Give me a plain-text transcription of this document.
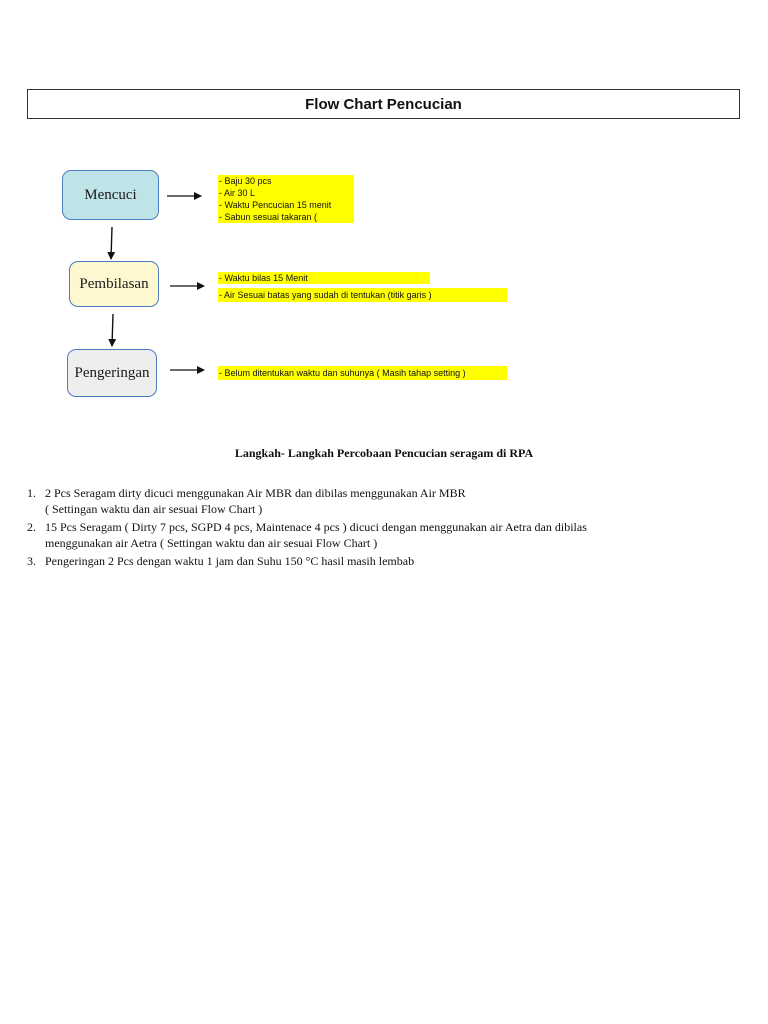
Flow Chart Pencucian
Mencuci
Pembilasan
Pengeringan
- Baju 30 pcs
- Air 30 L
- Waktu Pencucian 15 menit
- Sabun sesuai takaran (
- Waktu bilas 15 Menit
- Air Sesuai batas yang sudah di tentukan (titik garis )
- Belum ditentukan waktu dan suhunya ( Masih tahap setting )
Langkah- Langkah Percobaan Pencucian seragam di RPA
1. 2 Pcs Seragam dirty dicuci menggunakan Air MBR dan dibilas menggunakan Air MBR
( Settingan waktu dan air sesuai Flow Chart )
2. 15 Pcs Seragam ( Dirty 7 pcs, SGPD 4 pcs, Maintenace 4 pcs ) dicuci dengan menggunakan air Aetra dan dibilas
menggunakan air Aetra ( Settingan waktu dan air sesuai Flow Chart )
3. Pengeringan 2 Pcs dengan waktu 1 jam dan Suhu 150 °C hasil masih lembab
